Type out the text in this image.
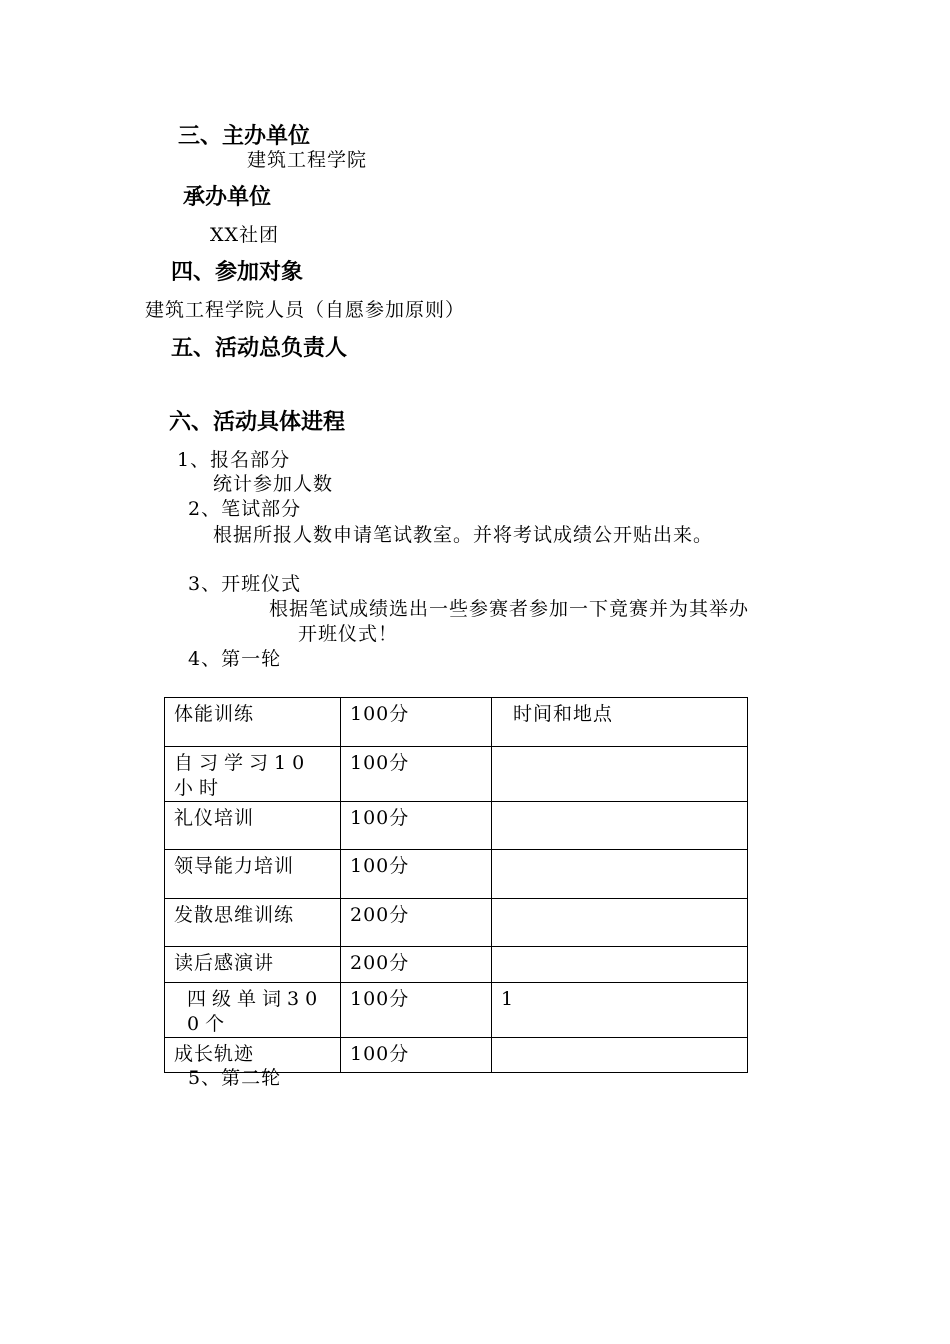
三、主办单位
建筑工程学院
承办单位
XX社团
四、参加对象
建筑工程学院人员（自愿参加原则）
五、活动总负责人
六、活动具体进程
1、报名部分
统计参加人数
2、笔试部分
根据所报人数申请笔试教室。并将考试成绩公开贴出来。
3、开班仪式
根据笔试成绩选出一些参赛者参加一下竟赛并为其举办
开班仪式！
4、第一轮
体能训练	100分	时间和地点
自习学习10小时	100分	
礼仪培训	100分	
领导能力培训	100分	
发散思维训练	200分	
读后感演讲	200分	
四级单词300个	100分	1
成长轨迹	100分	
5、第二轮
